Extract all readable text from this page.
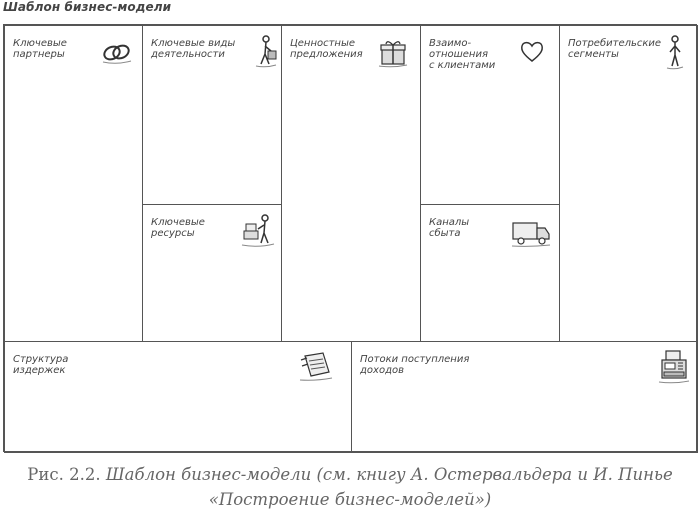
Шаблон бизнес-модели
Ключевые
партнеры
Ключевые виды
деятельности
Ключевые
ресурсы
Ценностные
предложения
Взаимо-
отношения
с клиентами
Каналы
сбыта
Потребительские
сегменты
Структура
издержек
Потоки поступления
доходов
Рис. 2.2. Шаблон бизнес-модели (см. книгу А. Остервальдера и И. Пинье
«Построение бизнес-моделей»)
